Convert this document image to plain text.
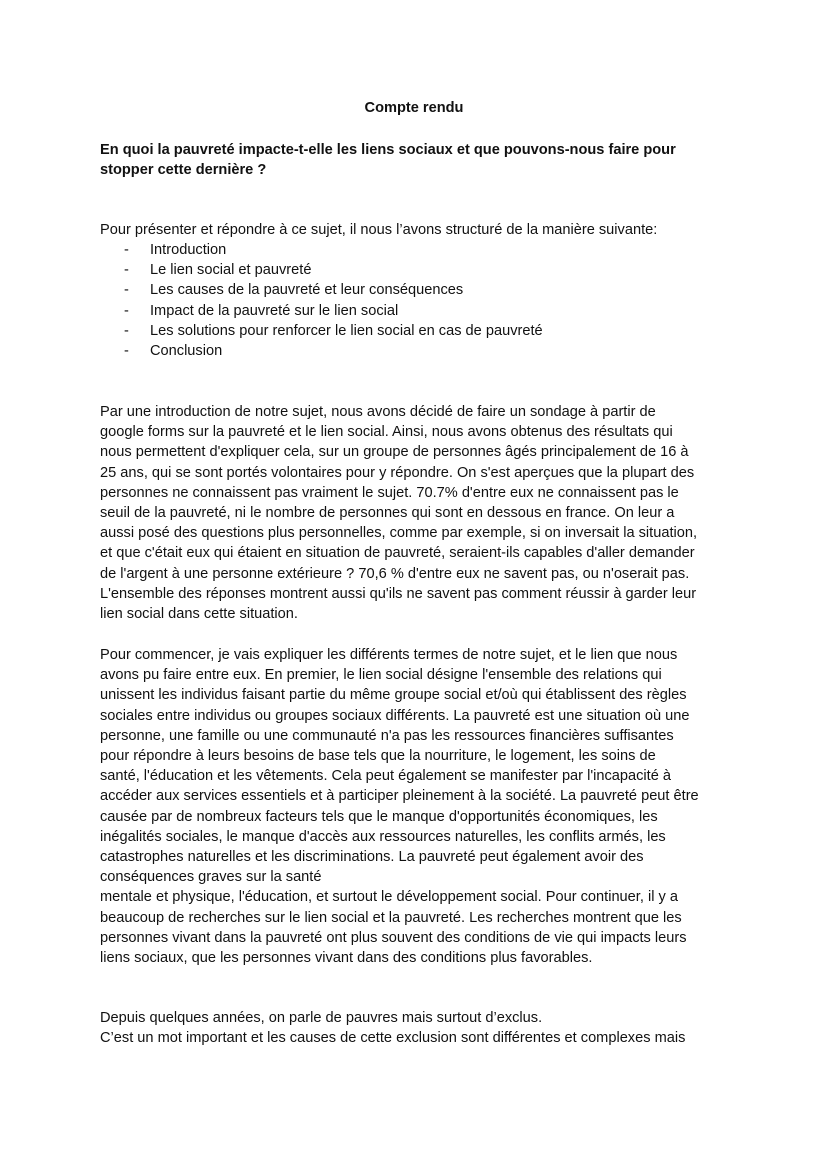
Compte rendu
En quoi la pauvreté impacte-t-elle les liens sociaux et que pouvons-nous faire pour
stopper cette dernière ?
Pour présenter et répondre à ce sujet, il nous l’avons structuré de la manière suivante:
- Introduction
- Le lien social et pauvreté
- Les causes de la pauvreté et leur conséquences
- Impact de la pauvreté sur le lien social
- Les solutions pour renforcer le lien social en cas de pauvreté
- Conclusion
Par une introduction de notre sujet, nous avons décidé de faire un sondage à partir de
google forms sur la pauvreté et le lien social. Ainsi, nous avons obtenus des résultats qui
nous permettent d'expliquer cela, sur un groupe de personnes âgés principalement de 16 à
25 ans, qui se sont portés volontaires pour y répondre. On s'est aperçues que la plupart des
personnes ne connaissent pas vraiment le sujet. 70.7% d'entre eux ne connaissent pas le
seuil de la pauvreté, ni le nombre de personnes qui sont en dessous en france. On leur a
aussi posé des questions plus personnelles, comme par exemple, si on inversait la situation,
et que c'était eux qui étaient en situation de pauvreté, seraient-ils capables d'aller demander
de l'argent à une personne extérieure ? 70,6 % d'entre eux ne savent pas, ou n'oserait pas.
L'ensemble des réponses montrent aussi qu'ils ne savent pas comment réussir à garder leur
lien social dans cette situation.
Pour commencer, je vais expliquer les différents termes de notre sujet, et le lien que nous
avons pu faire entre eux. En premier, le lien social désigne l'ensemble des relations qui
unissent les individus faisant partie du même groupe social et/où qui établissent des règles
sociales entre individus ou groupes sociaux différents. La pauvreté est une situation où une
personne, une famille ou une communauté n'a pas les ressources financières suffisantes
pour répondre à leurs besoins de base tels que la nourriture, le logement, les soins de
santé, l'éducation et les vêtements. Cela peut également se manifester par l'incapacité à
accéder aux services essentiels et à participer pleinement à la société. La pauvreté peut être
causée par de nombreux facteurs tels que le manque d'opportunités économiques, les
inégalités sociales, le manque d'accès aux ressources naturelles, les conflits armés, les
catastrophes naturelles et les discriminations. La pauvreté peut également avoir des
conséquences graves sur la santé
mentale et physique, l'éducation, et surtout le développement social. Pour continuer, il y a
beaucoup de recherches sur le lien social et la pauvreté. Les recherches montrent que les
personnes vivant dans la pauvreté ont plus souvent des conditions de vie qui impacts leurs
liens sociaux, que les personnes vivant dans des conditions plus favorables.
Depuis quelques années, on parle de pauvres mais surtout d’exclus.
C’est un mot important et les causes de cette exclusion sont différentes et complexes mais
